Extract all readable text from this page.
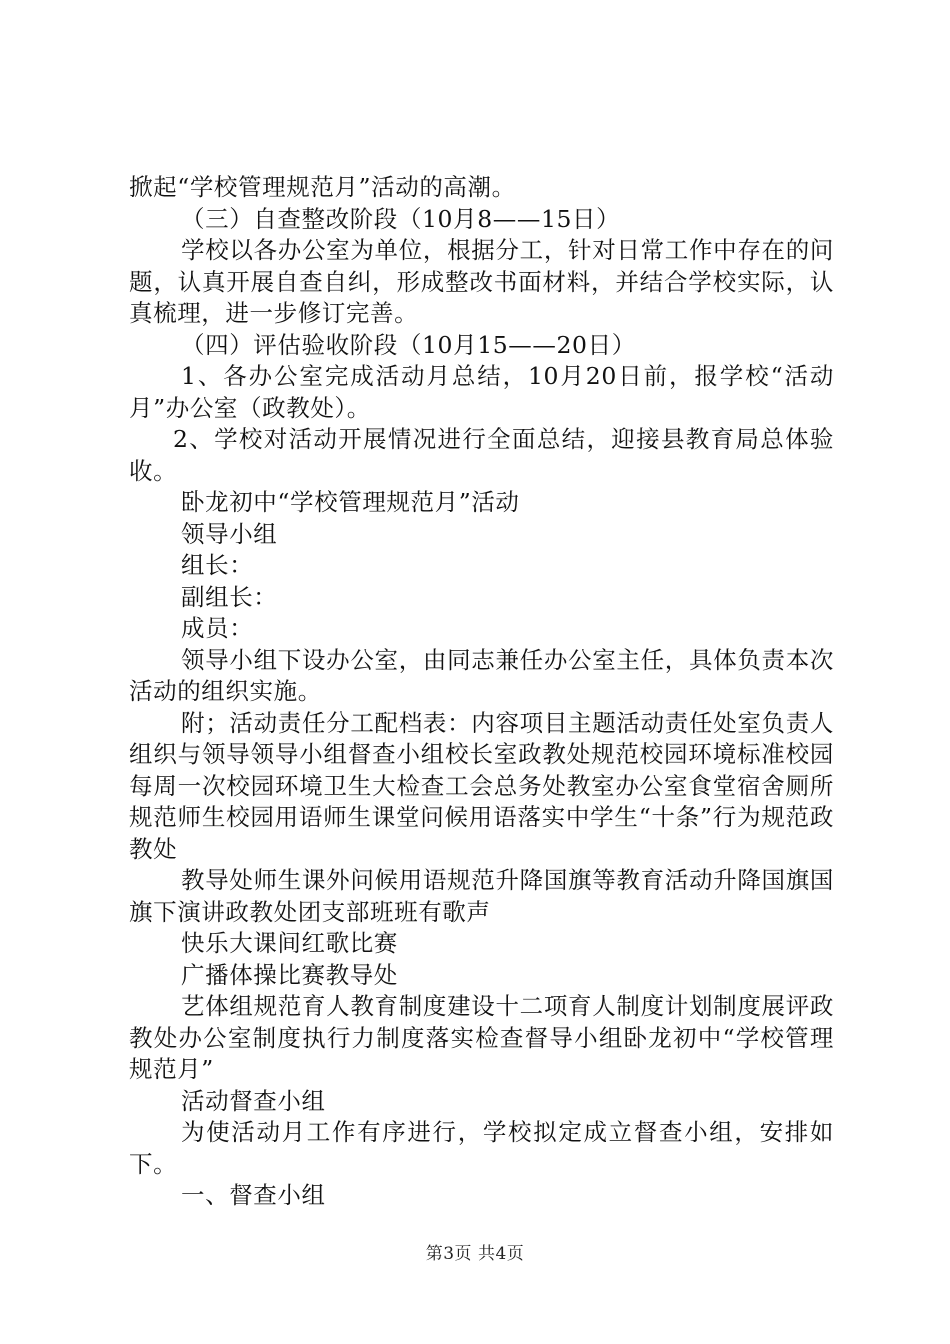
掀起“学校管理规范月”活动的高潮。

（三）自查整改阶段（10月8——15日）

学校以各办公室为单位，根据分工，针对日常工作中存在的问题，认真开展自查自纠，形成整改书面材料，并结合学校实际，认真梳理，进一步修订完善。

（四）评估验收阶段（10月15——20日）

1、各办公室完成活动月总结，10月20日前，报学校“活动月”办公室（政教处）。

2、学校对活动开展情况进行全面总结，迎接县教育局总体验收。

卧龙初中“学校管理规范月”活动

领导小组

组长：

副组长：

成员：

领导小组下设办公室，由同志兼任办公室主任，具体负责本次活动的组织实施。

附；活动责任分工配档表：内容项目主题活动责任处室负责人组织与领导领导小组督查小组校长室政教处规范校园环境标准校园每周一次校园环境卫生大检查工会总务处教室办公室食堂宿舍厕所规范师生校园用语师生课堂问候用语落实中学生“十条”行为规范政教处

教导处师生课外问候用语规范升降国旗等教育活动升降国旗国旗下演讲政教处团支部班班有歌声

快乐大课间红歌比赛

广播体操比赛教导处

艺体组规范育人教育制度建设十二项育人制度计划制度展评政教处办公室制度执行力制度落实检查督导小组卧龙初中“学校管理规范月”

活动督查小组

为使活动月工作有序进行，学校拟定成立督查小组，安排如下。

一、督查小组

第3页 共4页
